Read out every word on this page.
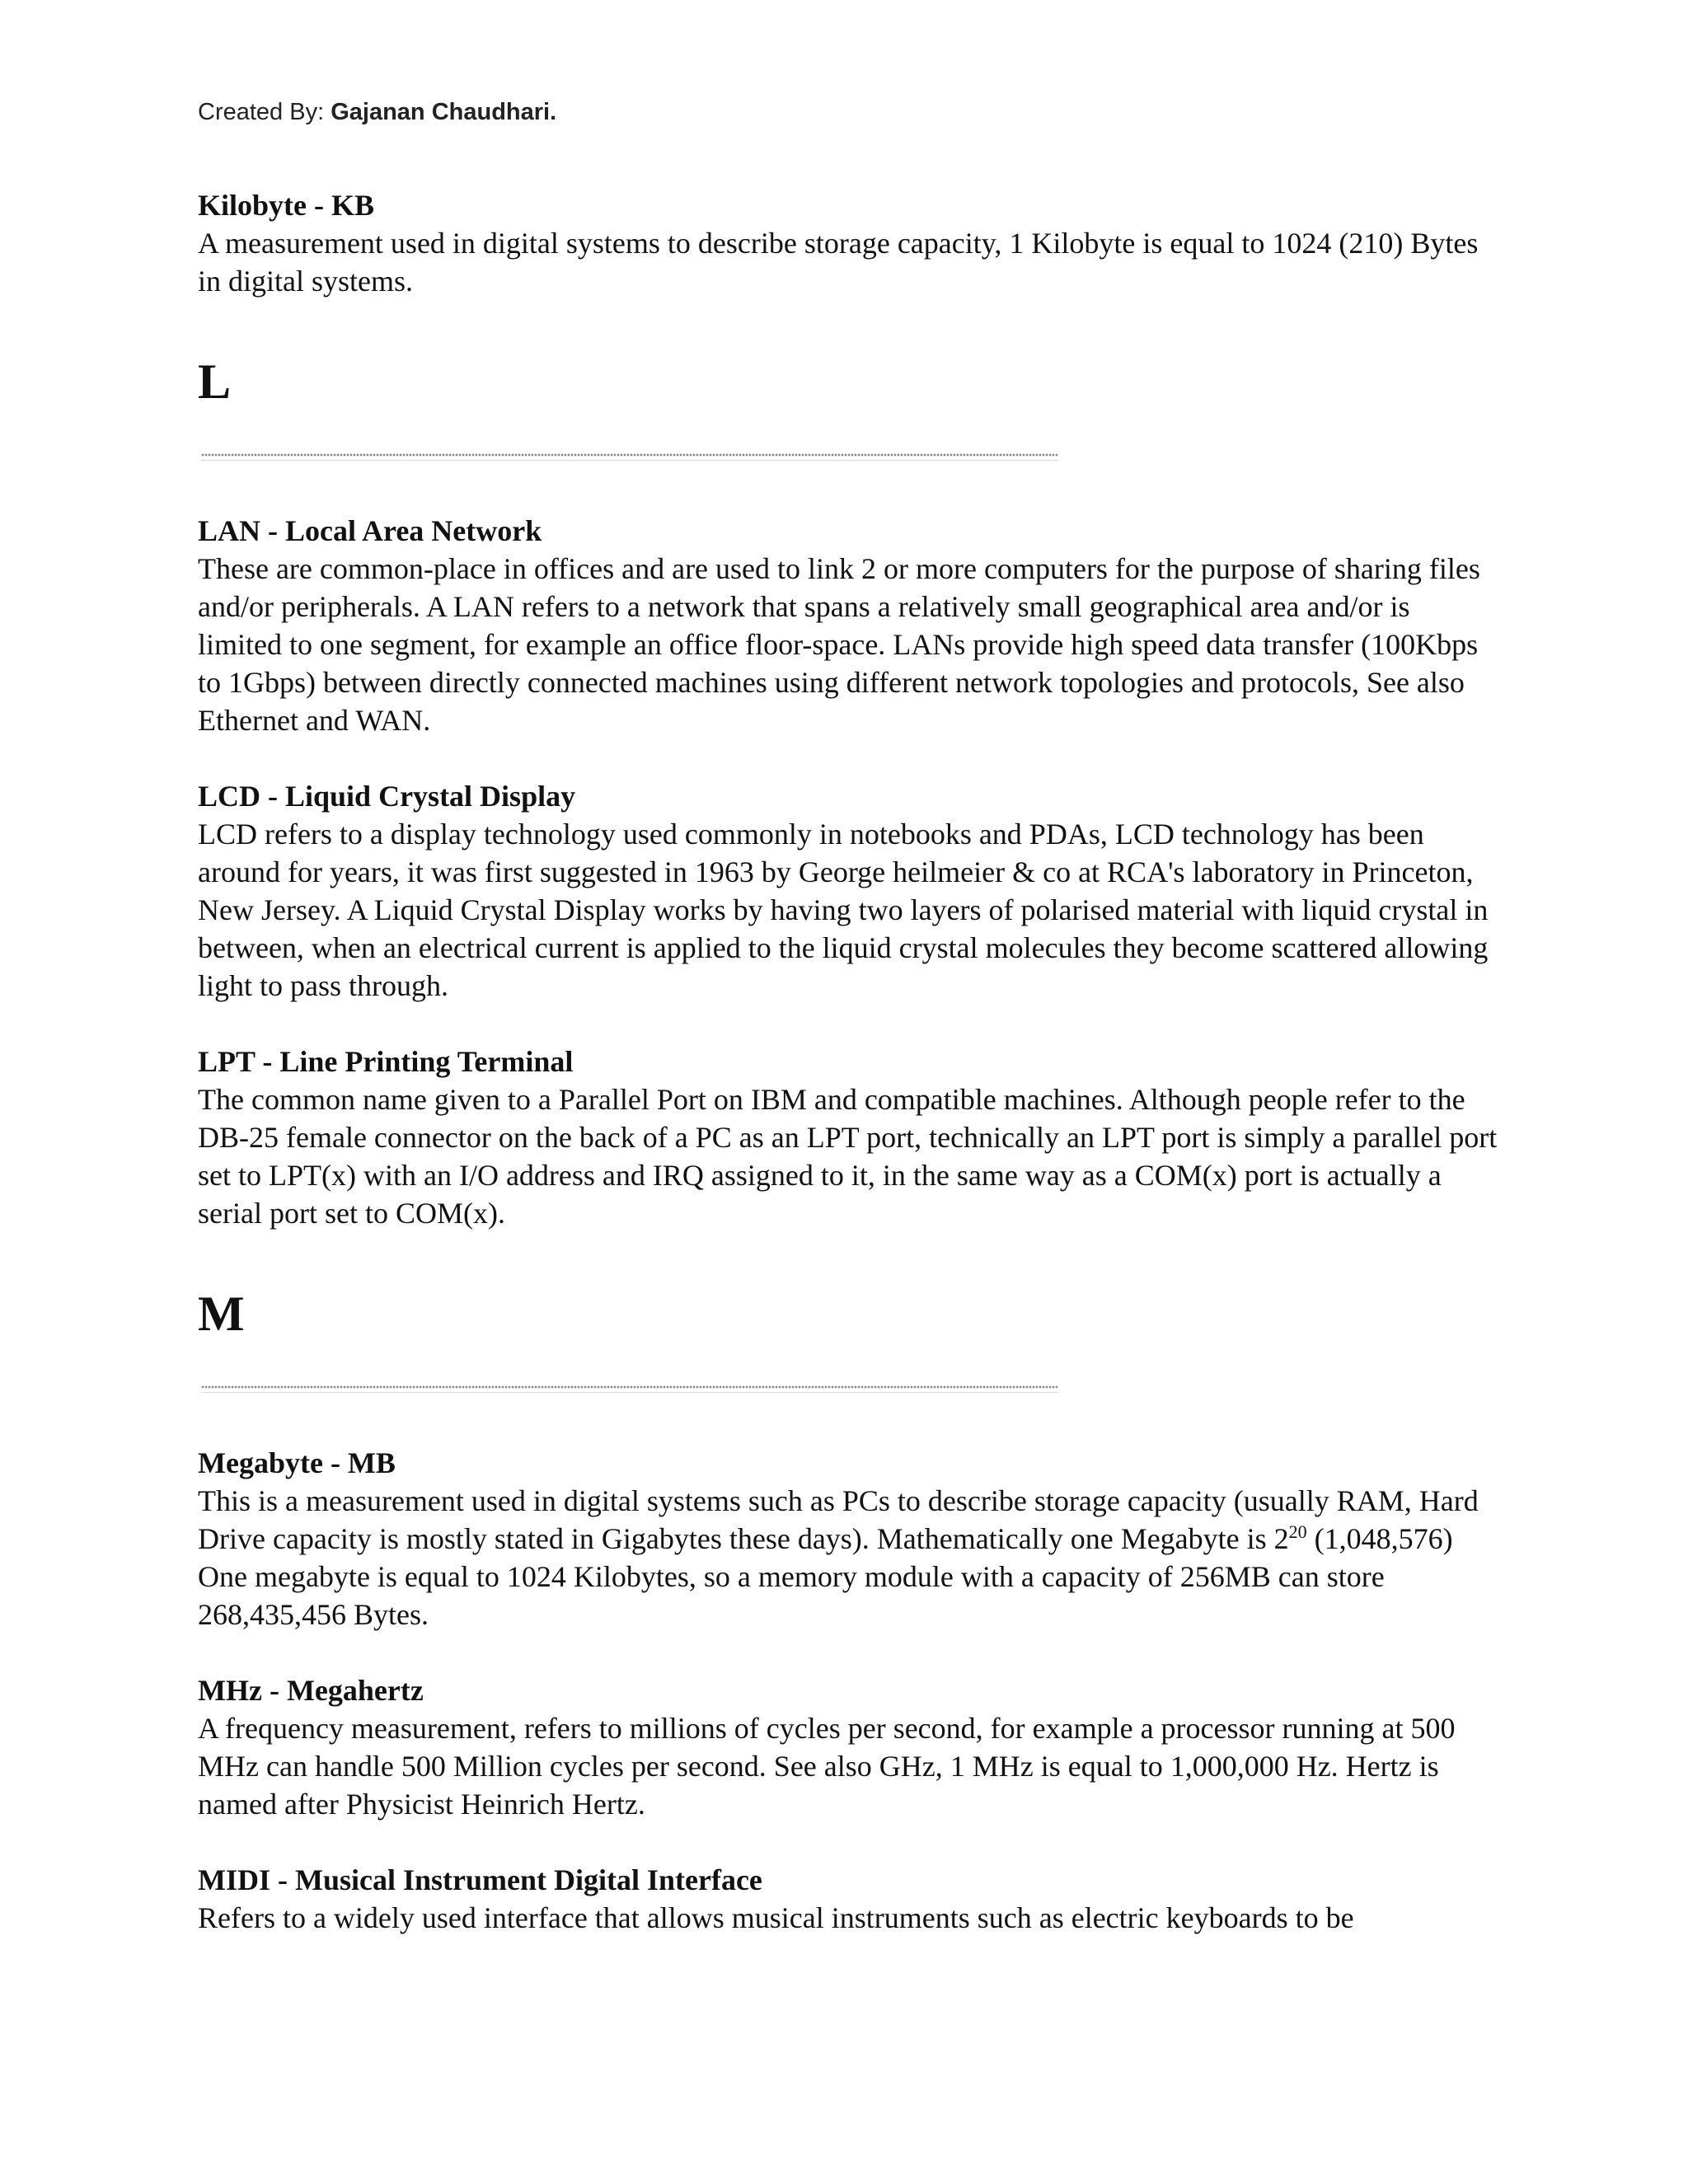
Created By: Gajanan Chaudhari.

Kilobyte - KB

A measurement used in digital systems to describe storage capacity, 1 Kilobyte is equal to 1024 (210) Bytes in digital systems.

L

LAN - Local Area Network

These are common-place in offices and are used to link 2 or more computers for the purpose of sharing files and/or peripherals. A LAN refers to a network that spans a relatively small geographical area and/or is limited to one segment, for example an office floor-space. LANs provide high speed data transfer (100Kbps to 1Gbps) between directly connected machines using different network topologies and protocols, See also Ethernet and WAN.

LCD - Liquid Crystal Display

LCD refers to a display technology used commonly in notebooks and PDAs, LCD technology has been around for years, it was first suggested in 1963 by George heilmeier & co at RCA's laboratory in Princeton, New Jersey. A Liquid Crystal Display works by having two layers of polarised material with liquid crystal in between, when an electrical current is applied to the liquid crystal molecules they become scattered allowing light to pass through.

LPT - Line Printing Terminal

The common name given to a Parallel Port on IBM and compatible machines. Although people refer to the DB-25 female connector on the back of a PC as an LPT port, technically an LPT port is simply a parallel port set to LPT(x) with an I/O address and IRQ assigned to it, in the same way as a COM(x) port is actually a serial port set to COM(x).

M

Megabyte - MB

This is a measurement used in digital systems such as PCs to describe storage capacity (usually RAM, Hard Drive capacity is mostly stated in Gigabytes these days). Mathematically one Megabyte is $2^{20}$ (1,048,576) One megabyte is equal to 1024 Kilobytes, so a memory module with a capacity of 256MB can store 268,435,456 Bytes.

MHz - Megahertz

A frequency measurement, refers to millions of cycles per second, for example a processor running at 500 MHz can handle 500 Million cycles per second. See also GHz, 1 MHz is equal to 1,000,000 Hz. Hertz is named after Physicist Heinrich Hertz.

MIDI - Musical Instrument Digital Interface

Refers to a widely used interface that allows musical instruments such as electric keyboards to be
